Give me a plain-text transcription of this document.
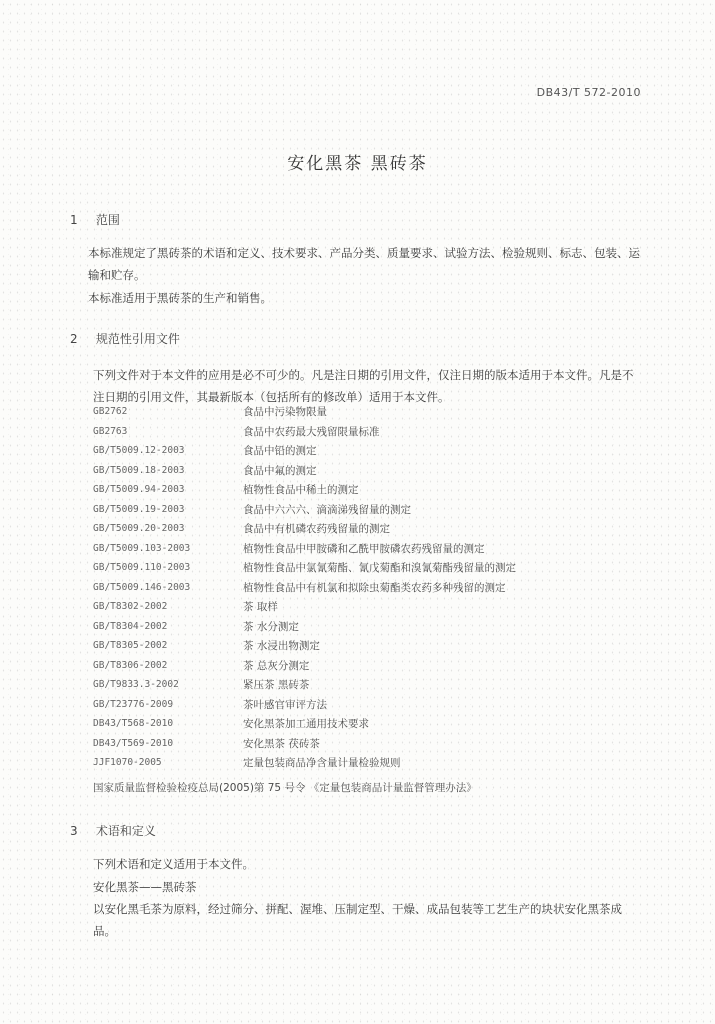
DB43/T 572-2010
安化黑茶 黑砖茶
1 范围
本标准规定了黑砖茶的术语和定义、技术要求、产品分类、质量要求、试验方法、检验规则、标志、包装、运输和贮存。
本标准适用于黑砖茶的生产和销售。
2 规范性引用文件
下列文件对于本文件的应用是必不可少的。凡是注日期的引用文件，仅注日期的版本适用于本文件。凡是不注日期的引用文件，其最新版本（包括所有的修改单）适用于本文件。
GB2762	食品中污染物限量
GB2763	食品中农药最大残留限量标准
GB/T5009.12-2003	食品中铅的测定
GB/T5009.18-2003	食品中氟的测定
GB/T5009.94-2003	植物性食品中稀土的测定
GB/T5009.19-2003	食品中六六六、滴滴涕残留量的测定
GB/T5009.20-2003	食品中有机磷农药残留量的测定
GB/T5009.103-2003	植物性食品中甲胺磷和乙酰甲胺磷农药残留量的测定
GB/T5009.110-2003	植物性食品中氯氰菊酯、氰戊菊酯和溴氰菊酯残留量的测定
GB/T5009.146-2003	植物性食品中有机氯和拟除虫菊酯类农药多种残留的测定
GB/T8302-2002	茶 取样
GB/T8304-2002	茶 水分测定
GB/T8305-2002	茶 水浸出物测定
GB/T8306-2002	茶 总灰分测定
GB/T9833.3-2002	紧压茶 黑砖茶
GB/T23776-2009	茶叶感官审评方法
DB43/T568-2010	安化黑茶加工通用技术要求
DB43/T569-2010	安化黑茶 茯砖茶
JJF1070-2005	定量包装商品净含量计量检验规则
国家质量监督检验检疫总局(2005)第 75 号令 《定量包装商品计量监督管理办法》
3 术语和定义
下列术语和定义适用于本文件。
安化黑茶——黑砖茶
以安化黑毛茶为原料，经过筛分、拼配、渥堆、压制定型、干燥、成品包装等工艺生产的块状安化黑茶成品。
